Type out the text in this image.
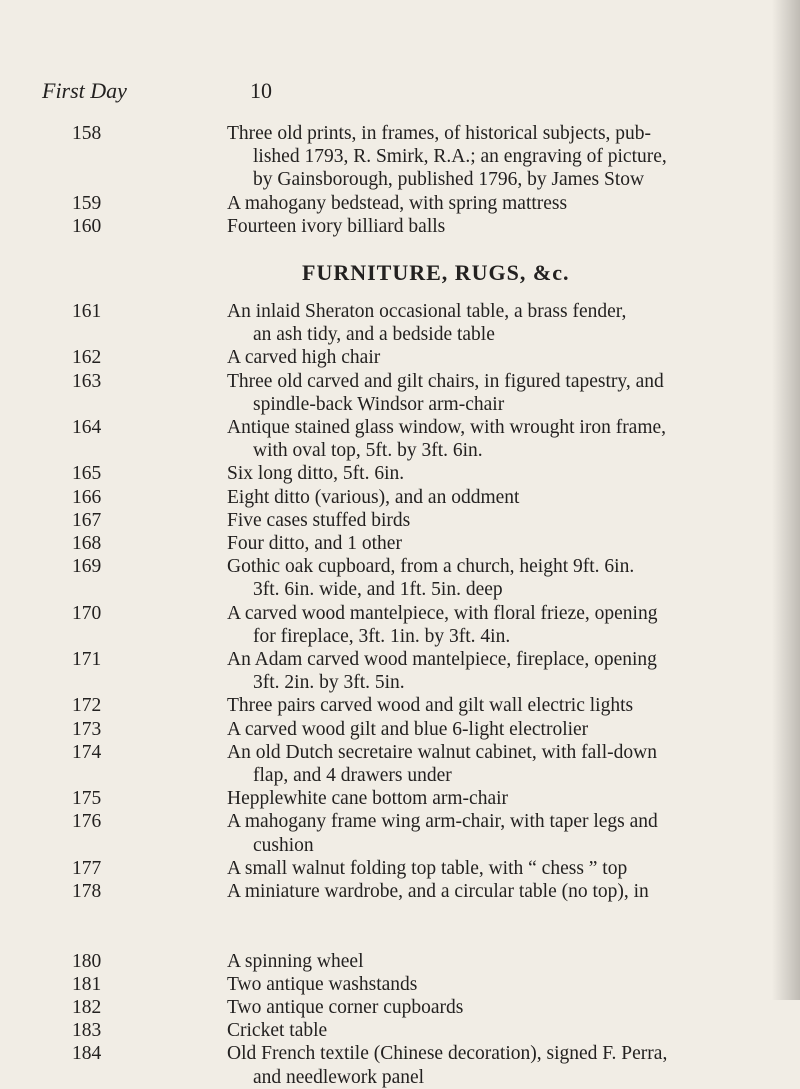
First Day	10
158	Three old prints, in frames, of historical subjects, pub-
lished 1793, R. Smirk, R.A.; an engraving of picture,
by Gainsborough, published 1796, by James Stow
159	A mahogany bedstead, with spring mattress
160	Fourteen ivory billiard balls
FURNITURE, RUGS, &c.
161	An inlaid Sheraton occasional table, a brass fender,
an ash tidy, and a bedside table
162	A carved high chair
163	Three old carved and gilt chairs, in figured tapestry, and
spindle-back Windsor arm-chair
164	Antique stained glass window, with wrought iron frame,
with oval top, 5ft. by 3ft. 6in.
165	Six long ditto, 5ft. 6in.
166	Eight ditto (various), and an oddment
167	Five cases stuffed birds
168	Four ditto, and 1 other
169	Gothic oak cupboard, from a church, height 9ft. 6in.
3ft. 6in. wide, and 1ft. 5in. deep
170	A carved wood mantelpiece, with floral frieze, opening
for fireplace, 3ft. 1in. by 3ft. 4in.
171	An Adam carved wood mantelpiece, fireplace, opening
3ft. 2in. by 3ft. 5in.
172	Three pairs carved wood and gilt wall electric lights
173	A carved wood gilt and blue 6-light electrolier
174	An old Dutch secretaire walnut cabinet, with fall-down
flap, and 4 drawers under
175	Hepplewhite cane bottom arm-chair
176	A mahogany frame wing arm-chair, with taper legs and
cushion
177	A small walnut folding top table, with “ chess ” top
178	A miniature wardrobe, and a circular table (no top), in
180	A spinning wheel
181	Two antique washstands
182	Two antique corner cupboards
183	Cricket table
184	Old French textile (Chinese decoration), signed F. Perra,
and needlework panel
